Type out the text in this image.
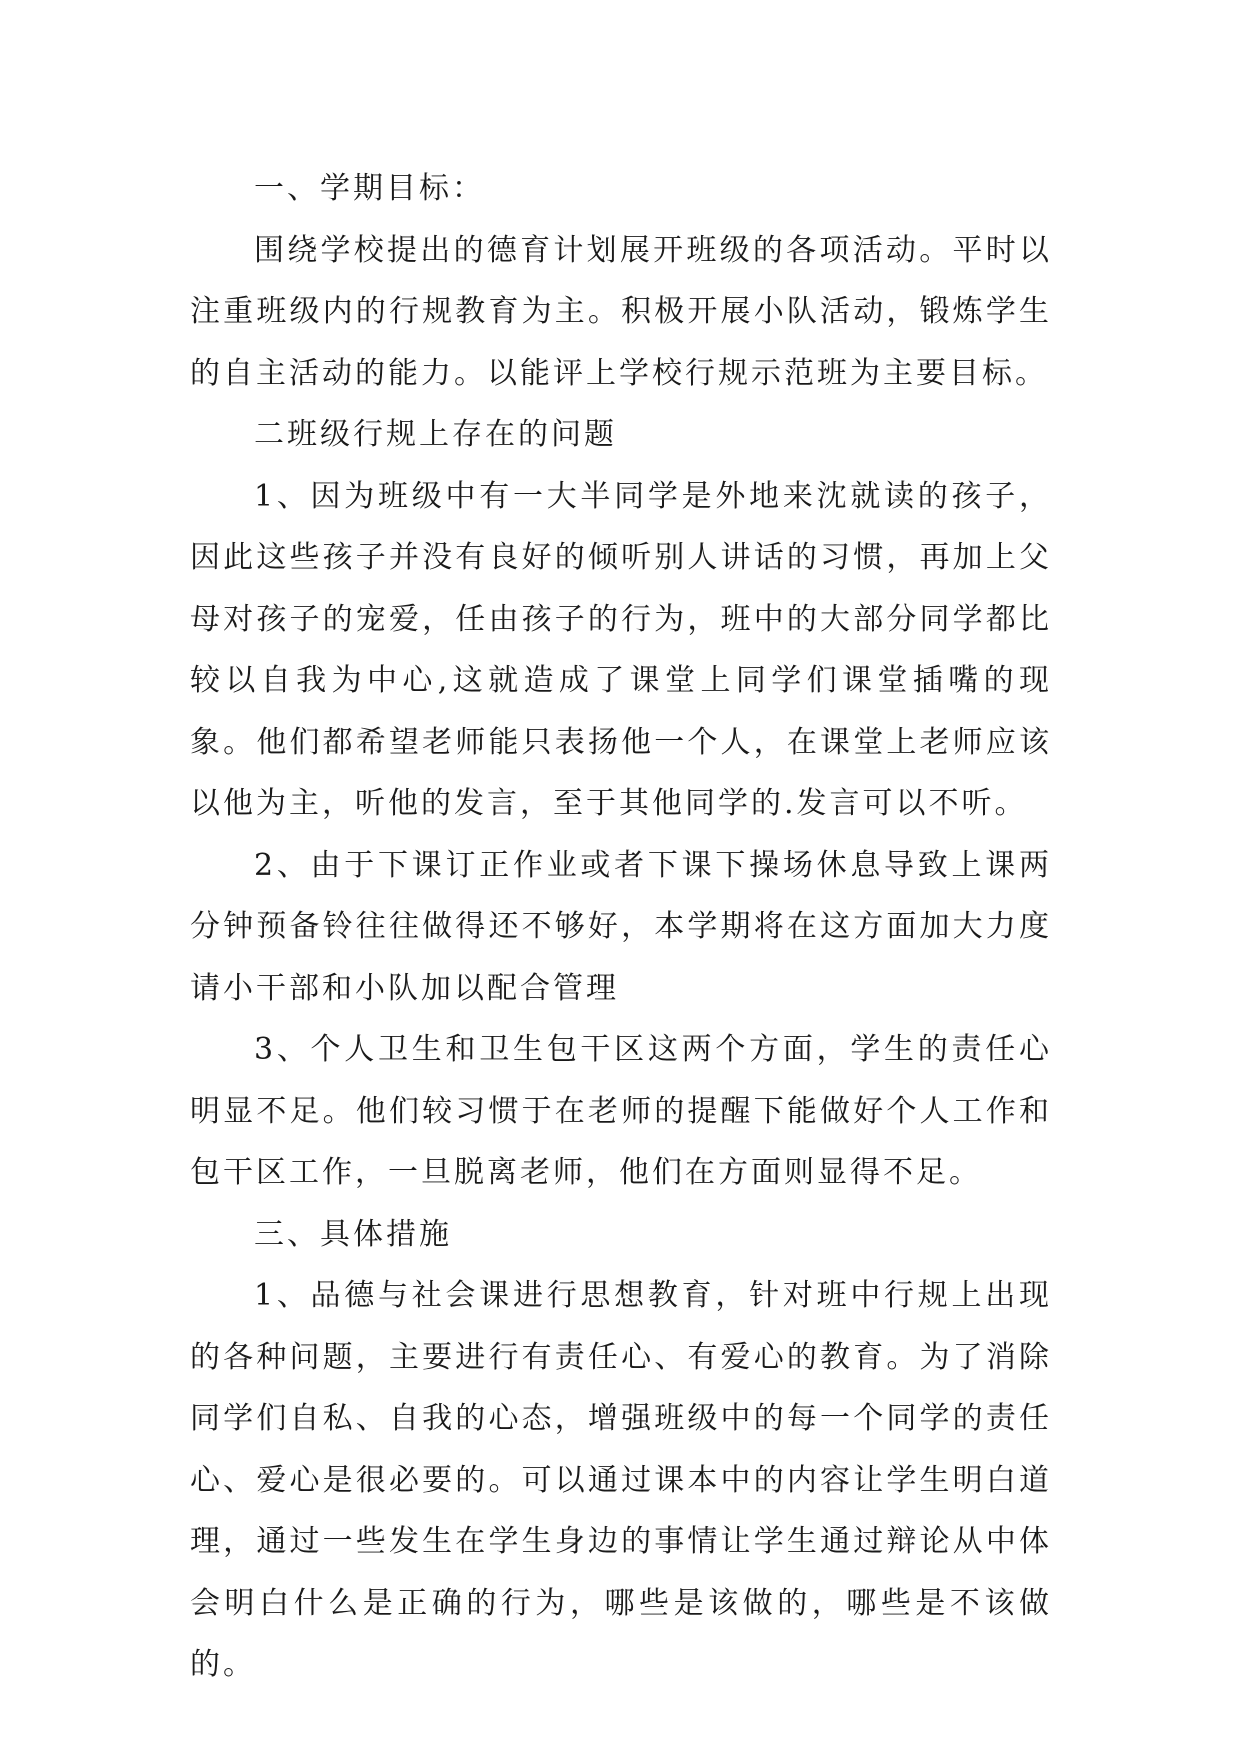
一、学期目标：

围绕学校提出的德育计划展开班级的各项活动。平时以注重班级内的行规教育为主。积极开展小队活动，锻炼学生的自主活动的能力。以能评上学校行规示范班为主要目标。

二班级行规上存在的问题

1、因为班级中有一大半同学是外地来沈就读的孩子，因此这些孩子并没有良好的倾听别人讲话的习惯，再加上父母对孩子的宠爱，任由孩子的行为，班中的大部分同学都比较以自我为中心,这就造成了课堂上同学们课堂插嘴的现象。他们都希望老师能只表扬他一个人，在课堂上老师应该以他为主，听他的发言，至于其他同学的.发言可以不听。

2、由于下课订正作业或者下课下操场休息导致上课两分钟预备铃往往做得还不够好，本学期将在这方面加大力度请小干部和小队加以配合管理

3、个人卫生和卫生包干区这两个方面，学生的责任心明显不足。他们较习惯于在老师的提醒下能做好个人工作和包干区工作，一旦脱离老师，他们在方面则显得不足。

三、具体措施

1、品德与社会课进行思想教育，针对班中行规上出现的各种问题，主要进行有责任心、有爱心的教育。为了消除同学们自私、自我的心态，增强班级中的每一个同学的责任心、爱心是很必要的。可以通过课本中的内容让学生明白道理，通过一些发生在学生身边的事情让学生通过辩论从中体会明白什么是正确的行为，哪些是该做的，哪些是不该做的。
